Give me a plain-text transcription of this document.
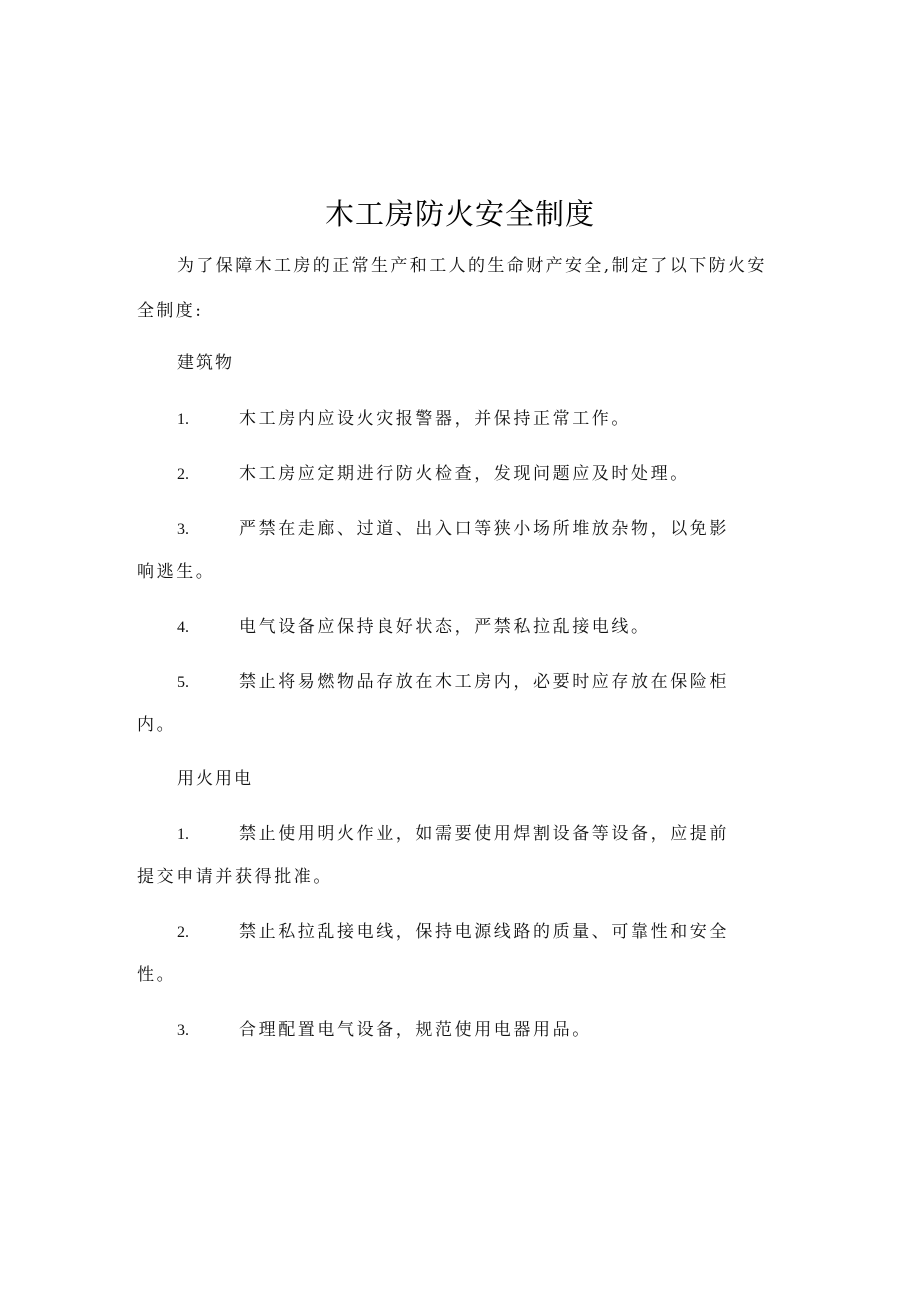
木工房防火安全制度
为了保障木工房的正常生产和工人的生命财产安全,制定了以下防火安全制度:
建筑物
1.	木工房内应设火灾报警器，并保持正常工作。
2.	木工房应定期进行防火检查，发现问题应及时处理。
3.	严禁在走廊、过道、出入口等狭小场所堆放杂物，以免影响逃生。
4.	电气设备应保持良好状态，严禁私拉乱接电线。
5.	禁止将易燃物品存放在木工房内，必要时应存放在保险柜内。
用火用电
1.	禁止使用明火作业，如需要使用焊割设备等设备，应提前提交申请并获得批准。
2.	禁止私拉乱接电线，保持电源线路的质量、可靠性和安全性。
3.	合理配置电气设备，规范使用电器用品。
